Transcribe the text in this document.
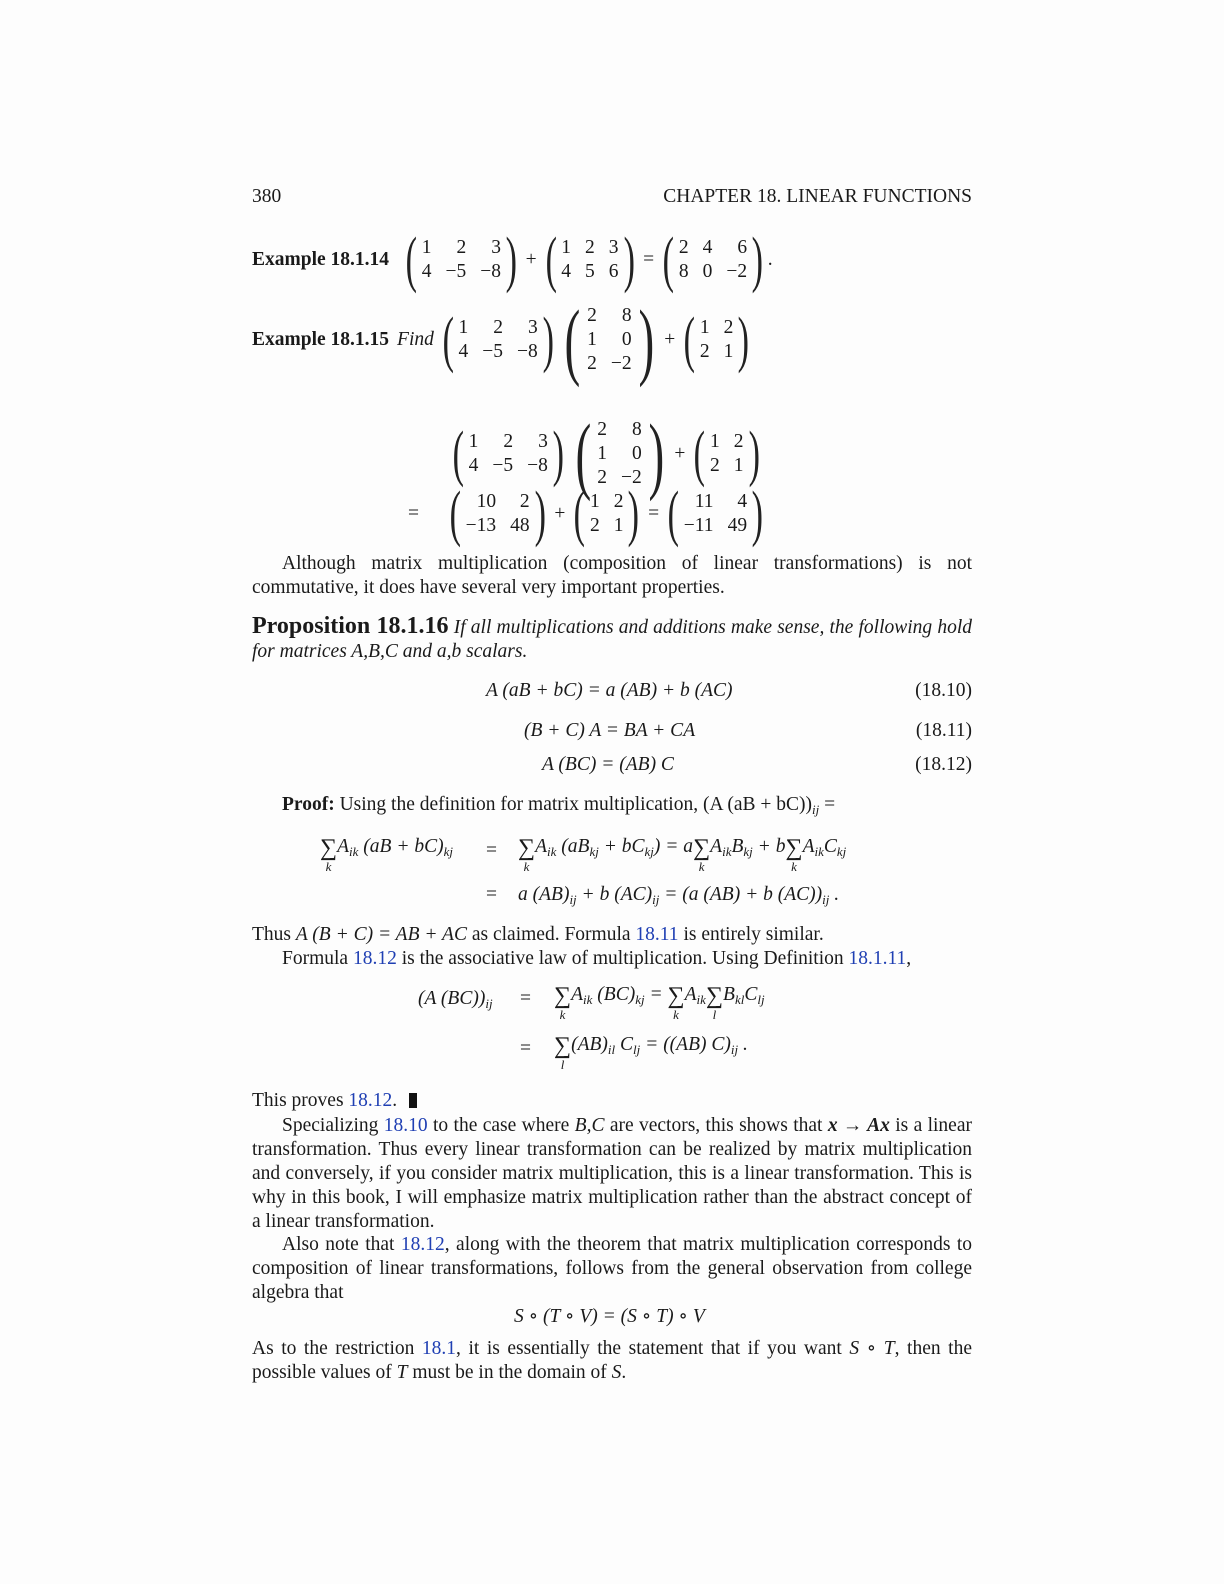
380	CHAPTER 18. LINEAR FUNCTIONS
Example 18.1.14 ( 1	2	3
4 −5 −8 ) + ( 1 2 3
4 5 6 ) = ( 2 4	6
8 0 −2 ) .
Example 18.1.15 Find ( 1	2	3
4 −5 −8 ) ( 2	8
1	0
2 −2 ) + ( 1 2
2 1 )
( 1	2	3
4 −5 −8 ) ( 2	8
1	0
2 −2 ) + ( 1 2
2 1 )
= ( 10	2
−13 48 ) + ( 1 2
2 1 ) = ( 11	4
−11 49 )
Although matrix multiplication (composition of linear transformations) is not commutative, it does have several very important properties.
Proposition 18.1.16 If all multiplications and additions make sense, the following hold for matrices A,B,C and a,b scalars.
A (aB + bC) = a (AB) + b (AC)	(18.10)
(B + C) A = BA + CA	(18.11)
A (BC) = (AB) C	(18.12)
Proof: Using the definition for matrix multiplication, (A $(aB + bC))_{ij}$ =
∑
k
$A_{ik}$ $(aB + bC)_{kj}$ = ∑
k
$A_{ik}$ $(aB_{kj} + bC_{kj}) = a$ ∑
k
$A_{ik}B_{kj} + b$ ∑
k
$A_{ik}C_{kj}$
= a $(AB)_{ij} + b$ $(AC)_{ij} = (a$ (AB) + b $(AC))_{ij}$ .
Thus A (B + C) = AB + AC as claimed. Formula 18.11 is entirely similar.
Formula 18.12 is the associative law of multiplication. Using Definition 18.1.11,
(A $(BC))_{ij}$ = ∑
k
$A_{ik}$ $(BC)_{kj}$ = ∑
k
$A_{ik}$ ∑
l
$B_{kl}C_{lj}$
= ∑
l
$(AB)_{il}$ $C_{lj} = ((AB)$ $C)_{ij}$ .
This proves 18.12.
Specializing 18.10 to the case where B,C are vectors, this shows that x → Ax is a linear transformation. Thus every linear transformation can be realized by matrix multiplication and conversely, if you consider matrix multiplication, this is a linear transformation. This is why in this book, I will emphasize matrix multiplication rather than the abstract concept of a linear transformation.
Also note that 18.12, along with the theorem that matrix multiplication corresponds to composition of linear transformations, follows from the general observation from college algebra that
S ∘ (T ∘ V) = (S ∘ T) ∘ V
As to the restriction 18.1, it is essentially the statement that if you want S ∘ T, then the possible values of T must be in the domain of S.
